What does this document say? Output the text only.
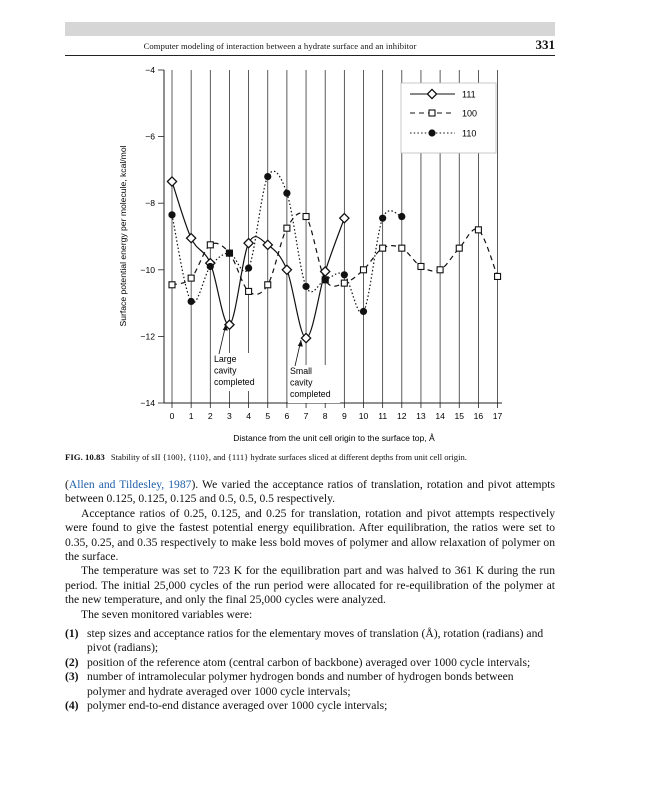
Computer modeling of interaction between a hydrate surface and an inhibitor	331
−4
−6
−8
−10
−12
−14
0 1 2 3 4 5 6 7 8 9 10 11 12 13 14 15 16 17
Surface potential energy per molecule, kcal/mol
Distance from the unit cell origin to the surface top, Å
Large
cavity
completed
Small
cavity
completed
111
100
110
FIG. 10.83 Stability of sII {100}, {110}, and {111} hydrate surfaces sliced at different depths from unit cell origin.

(Allen and Tildesley, 1987). We varied the acceptance ratios of translation, rotation and pivot attempts between 0.125, 0.125, 0.125 and 0.5, 0.5, 0.5 respectively.

Acceptance ratios of 0.25, 0.125, and 0.25 for translation, rotation and pivot attempts respectively were found to give the fastest potential energy equilibration. After equilibration, the ratios were set to 0.35, 0.25, and 0.35 respectively to make less bold moves of polymer and allow relaxation of polymer on the surface.

The temperature was set to 723 K for the equilibration part and was halved to 361 K during the run period. The initial 25,000 cycles of the run period were allocated for re-equilibration of the polymer at the new temperature, and only the final 25,000 cycles were analyzed.

The seven monitored variables were:

(1) step sizes and acceptance ratios for the elementary moves of translation (Å), rotation (radians) and pivot (radians);
(2) position of the reference atom (central carbon of backbone) averaged over 1000 cycle intervals;
(3) number of intramolecular polymer hydrogen bonds and number of hydrogen bonds between polymer and hydrate averaged over 1000 cycle intervals;
(4) polymer end-to-end distance averaged over 1000 cycle intervals;
